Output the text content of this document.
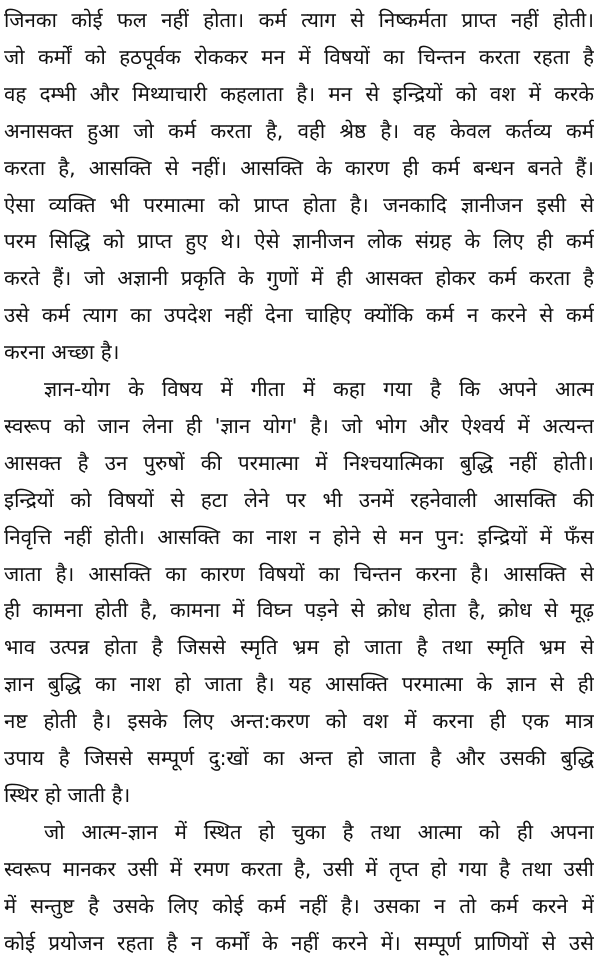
जिनका कोई फल नहीं होता। कर्म त्याग से निष्कर्मता प्राप्त नहीं होती।
जो कर्मों को हठपूर्वक रोककर मन में विषयों का चिन्तन करता रहता है
वह दम्भी और मिथ्याचारी कहलाता है। मन से इन्द्रियों को वश में करके
अनासक्त हुआ जो कर्म करता है, वही श्रेष्ठ है। वह केवल कर्तव्य कर्म
करता है, आसक्ति से नहीं। आसक्ति के कारण ही कर्म बन्धन बनते हैं।
ऐसा व्यक्ति भी परमात्मा को प्राप्त होता है। जनकादि ज्ञानीजन इसी से
परम सिद्धि को प्राप्त हुए थे। ऐसे ज्ञानीजन लोक संग्रह के लिए ही कर्म
करते हैं। जो अज्ञानी प्रकृति के गुणों में ही आसक्त होकर कर्म करता है
उसे कर्म त्याग का उपदेश नहीं देना चाहिए क्योंकि कर्म न करने से कर्म
करना अच्छा है।
ज्ञान-योग के विषय में गीता में कहा गया है कि अपने आत्म
स्वरूप को जान लेना ही 'ज्ञान योग' है। जो भोग और ऐश्वर्य में अत्यन्त
आसक्त है उन पुरुषों की परमात्मा में निश्चयात्मिका बुद्धि नहीं होती।
इन्द्रियों को विषयों से हटा लेने पर भी उनमें रहनेवाली आसक्ति की
निवृत्ति नहीं होती। आसक्ति का नाश न होने से मन पुन: इन्द्रियों में फँस
जाता है। आसक्ति का कारण विषयों का चिन्तन करना है। आसक्ति से
ही कामना होती है, कामना में विघ्न पड़ने से क्रोध होता है, क्रोध से मूढ़
भाव उत्पन्न होता है जिससे स्मृति भ्रम हो जाता है तथा स्मृति भ्रम से
ज्ञान बुद्धि का नाश हो जाता है। यह आसक्ति परमात्मा के ज्ञान से ही
नष्ट होती है। इसके लिए अन्त:करण को वश में करना ही एक मात्र
उपाय है जिससे सम्पूर्ण दु:खों का अन्त हो जाता है और उसकी बुद्धि
स्थिर हो जाती है।
जो आत्म-ज्ञान में स्थित हो चुका है तथा आत्मा को ही अपना
स्वरूप मानकर उसी में रमण करता है, उसी में तृप्त हो गया है तथा उसी
में सन्तुष्ट है उसके लिए कोई कर्म नहीं है। उसका न तो कर्म करने में
कोई प्रयोजन रहता है न कर्मों के नहीं करने में। सम्पूर्ण प्राणियों से उसे
